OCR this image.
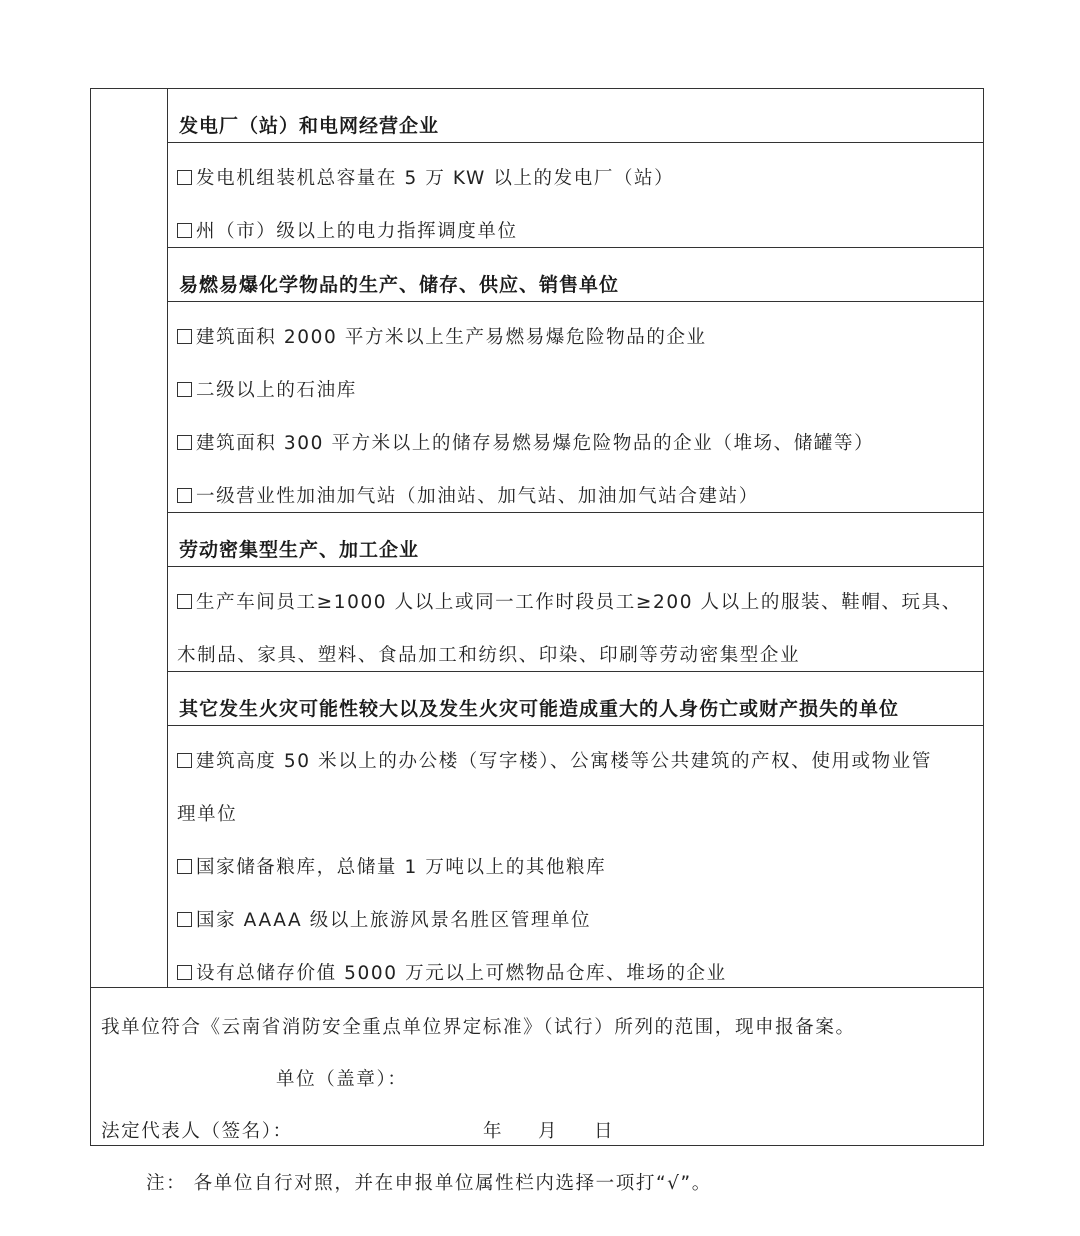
发电厂（站）和电网经营企业
发电机组装机总容量在 5 万 KW 以上的发电厂（站）
州（市）级以上的电力指挥调度单位
易燃易爆化学物品的生产、储存、供应、销售单位
建筑面积 2000 平方米以上生产易燃易爆危险物品的企业
二级以上的石油库
建筑面积 300 平方米以上的储存易燃易爆危险物品的企业（堆场、储罐等）
一级营业性加油加气站（加油站、加气站、加油加气站合建站）
劳动密集型生产、加工企业
生产车间员工≥1000 人以上或同一工作时段员工≥200 人以上的服装、鞋帽、玩具、
木制品、家具、塑料、食品加工和纺织、印染、印刷等劳动密集型企业
其它发生火灾可能性较大以及发生火灾可能造成重大的人身伤亡或财产损失的单位
建筑高度 50 米以上的办公楼（写字楼）、公寓楼等公共建筑的产权、使用或物业管
理单位
国家储备粮库，总储量 1 万吨以上的其他粮库
国家 AAAA 级以上旅游风景名胜区管理单位
设有总储存价值 5000 万元以上可燃物品仓库、堆场的企业
我单位符合《云南省消防安全重点单位界定标准》（试行）所列的范围，现申报备案。
单位（盖章）：
法定代表人（签名）：	年 月 日
注： 各单位自行对照，并在申报单位属性栏内选择一项打“√”。
